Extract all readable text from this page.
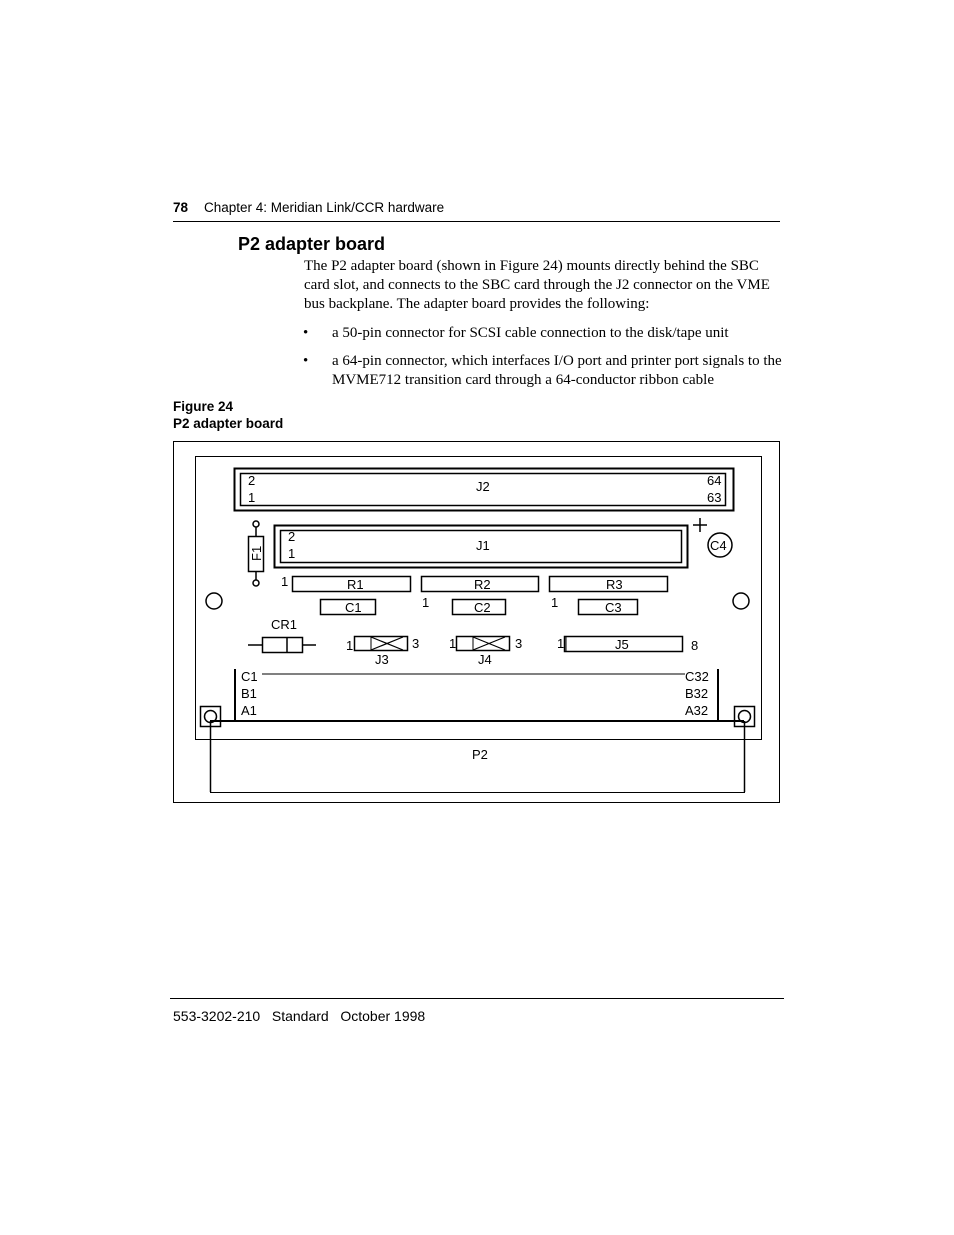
78 Chapter 4: Meridian Link/CCR hardware
P2 adapter board

The P2 adapter board (shown in Figure 24) mounts directly behind the SBC card slot, and connects to the SBC card through the J2 connector on the VME bus backplane. The adapter board provides the following:

• a 50-pin connector for SCSI cable connection to the disk/tape unit
• a 64-pin connector, which interfaces I/O port and printer port signals to the MVME712 transition card through a 64-conductor ribbon cable
Figure 24
P2 adapter board
2
1
J2	64
63
2
1
J1
F1
C4
1	R1	R2	R3
C1	1	C2	1	C3
CR1
1	3
J3
1	3
J4
1	J5	8
C1
B1
A1
C32
B32
A32
P2
553-3202-210   Standard   October 1998
